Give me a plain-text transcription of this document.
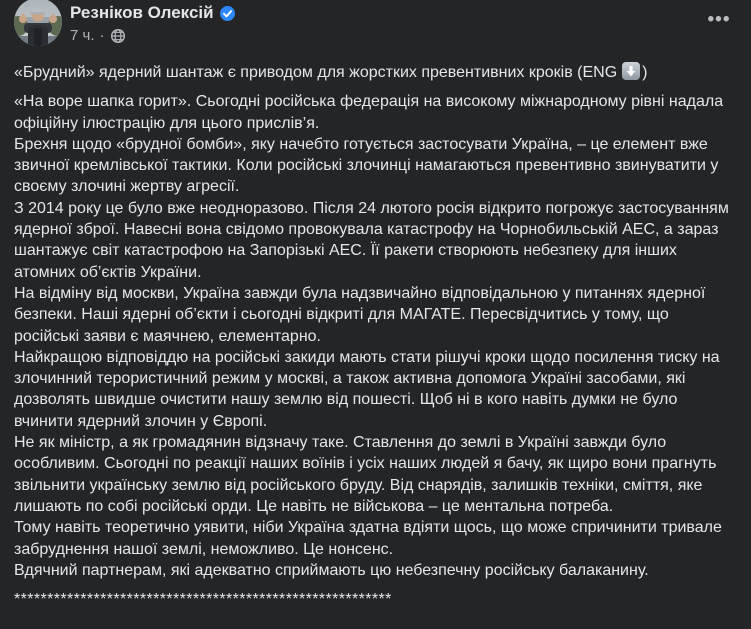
Резніков Олексій
7 ч. ·
•••

«Брудний» ядерний шантаж є приводом для жорстких превентивних кроків (ENG )

«На воре шапка горит». Сьогодні російська федерація на високому міжнародному рівні надала офіційну ілюстрацію для цього прислів’я.

Брехня щодо «брудної бомби», яку начебто готується застосувати Україна, – це елемент вже звичної кремлівської тактики. Коли російські злочинці намагаються превентивно звинуватити у своєму злочині жертву агресії.

З 2014 року це було вже неодноразово. Після 24 лютого росія відкрито погрожує застосуванням ядерної зброї. Навесні вона свідомо провокувала катастрофу на Чорнобильській АЕС, а зараз шантажує світ катастрофою на Запорізькі АЕС. Її ракети створюють небезпеку для інших атомних об’єктів України.

На відміну від москви, Україна завжди була надзвичайно відповідальною у питаннях ядерної безпеки. Наші ядерні об’єкти і сьогодні відкриті для МАГАТЕ. Пересвідчитись у тому, що російські заяви є маячнею, елементарно.

Найкращою відповіддю на російські закиди мають стати рішучі кроки щодо посилення тиску на злочинний терористичний режим у москві, а також активна допомога Україні засобами, які дозволять швидше очистити нашу землю від пошесті. Щоб ні в кого навіть думки не було вчинити ядерний злочин у Європі.

Не як міністр, а як громадянин відзначу таке. Ставлення до землі в Україні завжди було особливим. Сьогодні по реакції наших воїнів і усіх наших людей я бачу, як щиро вони прагнуть звільнити українську землю від російського бруду. Від снарядів, залишків техніки, сміття, яке лишають по собі російські орди. Це навіть не військова – це ментальна потреба.

Тому навіть теоретично уявити, ніби Україна здатна вдіяти щось, що може спричинити тривале забруднення нашої землі, неможливо. Це нонсенс.

Вдячний партнерам, які адекватно сприймають цю небезпечну російську балаканину.

*********************************************************
